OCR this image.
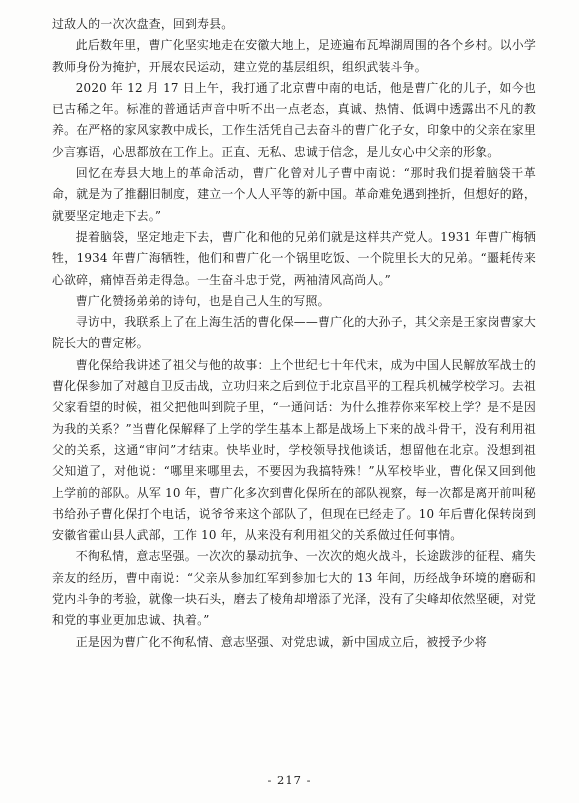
过敌人的一次次盘查，回到寿县。

此后数年里，曹广化坚实地走在安徽大地上，足迹遍布瓦埠湖周围的各个乡村。以小学教师身份为掩护，开展农民运动，建立党的基层组织，组织武装斗争。

2020 年 12 月 17 日上午，我打通了北京曹中南的电话，他是曹广化的儿子，如今也已古稀之年。标准的普通话声音中听不出一点老态，真诚、热情、低调中透露出不凡的教养。在严格的家风家教中成长，工作生活凭自己去奋斗的曹广化子女，印象中的父亲在家里少言寡语，心思都放在工作上。正直、无私、忠诚于信念，是儿女心中父亲的形象。

回忆在寿县大地上的革命活动，曹广化曾对儿子曹中南说：“那时我们提着脑袋干革命，就是为了推翻旧制度，建立一个人人平等的新中国。革命难免遇到挫折，但想好的路，就要坚定地走下去。”

提着脑袋，坚定地走下去，曹广化和他的兄弟们就是这样共产党人。1931 年曹广梅牺牲，1934 年曹广海牺牲，他们和曹广化一个锅里吃饭、一个院里长大的兄弟。“噩耗传来心欲碎，痛悼吾弟走得急。一生奋斗忠于党，两袖清风高尚人。”

曹广化赞扬弟弟的诗句，也是自己人生的写照。

寻访中，我联系上了在上海生活的曹化保——曹广化的大孙子，其父亲是王家岗曹家大院长大的曹定彬。

曹化保给我讲述了祖父与他的故事：上个世纪七十年代末，成为中国人民解放军战士的曹化保参加了对越自卫反击战，立功归来之后到位于北京昌平的工程兵机械学校学习。去祖父家看望的时候，祖父把他叫到院子里，“一通问话：为什么推荐你来军校上学？是不是因为我的关系？”当曹化保解释了上学的学生基本上都是战场上下来的战斗骨干，没有利用祖父的关系，这通“审问”才结束。快毕业时，学校领导找他谈话，想留他在北京。没想到祖父知道了，对他说：“哪里来哪里去，不要因为我搞特殊！”从军校毕业，曹化保又回到他上学前的部队。从军 10 年，曹广化多次到曹化保所在的部队视察，每一次都是离开前叫秘书给孙子曹化保打个电话，说爷爷来这个部队了，但现在已经走了。10 年后曹化保转岗到安徽省霍山县人武部，工作 10 年，从来没有利用祖父的关系做过任何事情。

不徇私情，意志坚强。一次次的暴动抗争、一次次的炮火战斗，长途跋涉的征程、痛失亲友的经历，曹中南说：“父亲从参加红军到参加七大的 13 年间，历经战争环境的磨砺和党内斗争的考验，就像一块石头，磨去了棱角却增添了光泽，没有了尖峰却依然坚硬，对党和党的事业更加忠诚、执着。”

正是因为曹广化不徇私情、意志坚强、对党忠诚，新中国成立后，被授予少将

- 217 -
